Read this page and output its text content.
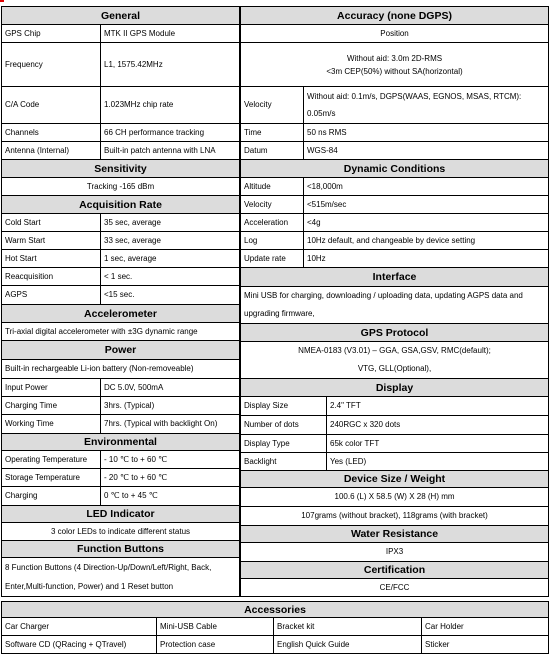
General	
GPS Chip	MTK II GPS Module
Frequency	L1, 1575.42MHz
C/A Code	1.023MHz chip rate
Channels	66 CH performance tracking
Antenna (Internal)	Built-in patch antenna with LNA
Sensitivity	
Tracking -165 dBm	
Acquisition Rate	
Cold Start	35 sec, average
Warm Start	33 sec, average
Hot Start	1 sec, average
Reacquisition	< 1 sec.
AGPS	<15 sec.
Accelerometer	
Tri-axial digital accelerometer with ±3G dynamic range	
Power	
Built-in rechargeable Li-ion battery (Non-removeable)	
Input Power	DC 5.0V, 500mA
Charging Time	3hrs. (Typical)
Working Time	7hrs. (Typical with backlight On)
Environmental	
Operating Temperature	- 10 ℃ to + 60 ℃
Storage Temperature	- 20 ℃ to + 60 ℃
Charging	0 ℃ to + 45 ℃
LED Indicator	
3 color LEDs to indicate different status	
Function Buttons	
8 Function Buttons (4 Direction-Up/Down/Left/Right, Back, Enter,Multi-function, Power) and 1 Reset button	
Accuracy (none DGPS)		
Position		
Without aid: 3.0m 2D-RMS
<3m CEP(50%) without SA(horizontal)		
Velocity	Without aid: 0.1m/s, DGPS(WAAS, EGNOS, MSAS, RTCM): 0.05m/s	
Time	50 ns RMS	
Datum	WGS-84	
Dynamic Conditions		
Altitude	<18,000m	
Velocity	<515m/sec	
Acceleration	<4g	
Log	10Hz default, and changeable by device setting	
Update rate	10Hz	
Interface		
Mini USB for charging, downloading / uploading data, updating AGPS data and upgrading firmware,		
GPS Protocol		

NMEA-0183 (V3.01) – GGA, GSA,GSV, RMC(default);
VTG, GLL(Optional),		

Display		
Display Size		2.4" TFT
Number of dots		240RGC x 320 dots
Display Type		65k color TFT
Backlight		Yes (LED)
Device Size / Weight		
100.6 (L) X 58.5 (W) X 28 (H) mm		
107grams (without bracket), 118grams (with bracket)		
Water Resistance		
IPX3		
Certification		
CE/FCC		
Accessories			
Car Charger	Mini-USB Cable	Bracket kit	Car Holder
Software CD (QRacing + QTravel)	Protection case	English Quick Guide	Sticker
